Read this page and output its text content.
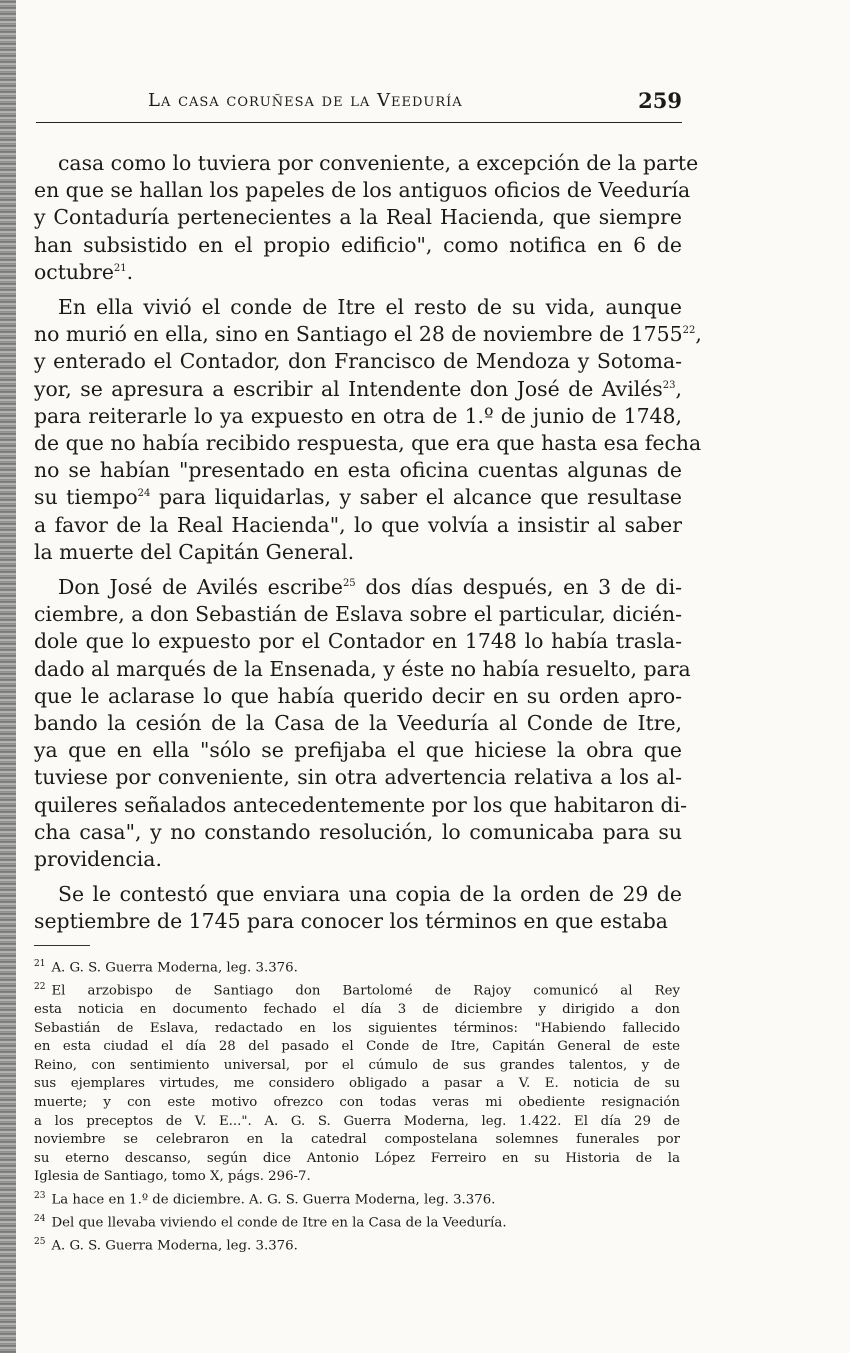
La casa coruñesa de la Veeduría	259
casa como lo tuviera por conveniente, a excepción de la parte
en que se hallan los papeles de los antiguos oficios de Veeduría
y Contaduría pertenecientes a la Real Hacienda, que siempre
han subsistido en el propio edificio", como notifica en 6 de
octubre$^{21}$.
En ella vivió el conde de Itre el resto de su vida, aunque
no murió en ella, sino en Santiago el 28 de noviembre de 1755$^{22}$,
y enterado el Contador, don Francisco de Mendoza y Sotoma-
yor, se apresura a escribir al Intendente don José de Avilés$^{23}$,
para reiterarle lo ya expuesto en otra de 1.º de junio de 1748,
de que no había recibido respuesta, que era que hasta esa fecha
no se habían "presentado en esta oficina cuentas algunas de
su tiempo$^{24}$ para liquidarlas, y saber el alcance que resultase
a favor de la Real Hacienda", lo que volvía a insistir al saber
la muerte del Capitán General.
Don José de Avilés escribe$^{25}$ dos días después, en 3 de di-
ciembre, a don Sebastián de Eslava sobre el particular, dicién-
dole que lo expuesto por el Contador en 1748 lo había trasla-
dado al marqués de la Ensenada, y éste no había resuelto, para
que le aclarase lo que había querido decir en su orden apro-
bando la cesión de la Casa de la Veeduría al Conde de Itre,
ya que en ella "sólo se prefijaba el que hiciese la obra que
tuviese por conveniente, sin otra advertencia relativa a los al-
quileres señalados antecedentemente por los que habitaron di-
cha casa", y no constando resolución, lo comunicaba para su
providencia.
Se le contestó que enviara una copia de la orden de 29 de
septiembre de 1745 para conocer los términos en que estaba
$^{21}$ A. G. S. Guerra Moderna, leg. 3.376.
$^{22}$ El arzobispo de Santiago don Bartolomé de Rajoy comunicó al Rey
esta noticia en documento fechado el día 3 de diciembre y dirigido a don
Sebastián de Eslava, redactado en los siguientes términos: "Habiendo fallecido
en esta ciudad el día 28 del pasado el Conde de Itre, Capitán General de este
Reino, con sentimiento universal, por el cúmulo de sus grandes talentos, y de
sus ejemplares virtudes, me considero obligado a pasar a V. E. noticia de su
muerte; y con este motivo ofrezco con todas veras mi obediente resignación
a los preceptos de V. E...". A. G. S. Guerra Moderna, leg. 1.422. El día 29 de
noviembre se celebraron en la catedral compostelana solemnes funerales por
su eterno descanso, según dice Antonio López Ferreiro en su Historia de la
Iglesia de Santiago, tomo X, págs. 296-7.
$^{23}$ La hace en 1.º de diciembre. A. G. S. Guerra Moderna, leg. 3.376.
$^{24}$ Del que llevaba viviendo el conde de Itre en la Casa de la Veeduría.
$^{25}$ A. G. S. Guerra Moderna, leg. 3.376.
